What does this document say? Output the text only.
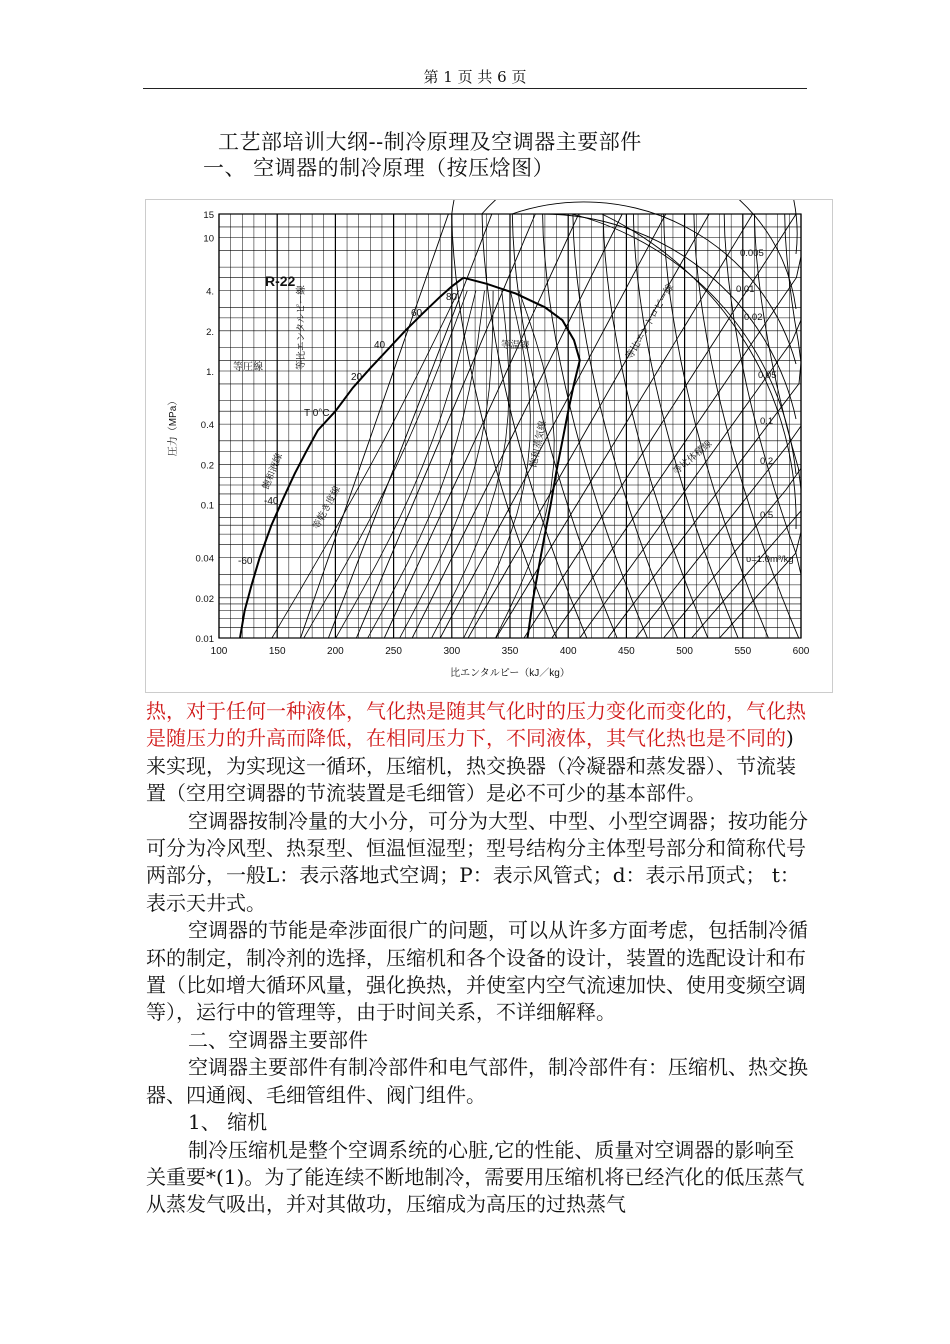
第 1 页 共 6 页
工艺部培训大纲--制冷原理及空调器主要部件
一、 空调器的制冷原理（按压焓图）
100	150	200	250	300	350	400	450	500	550	600
15
10
4.
2.
1.
0.4
0.2
0.1
0.04
0.02
0.01
比エンタルピー（kJ／kg）
圧力（MPa）
R-22
等圧線
T 0°C
等比エンタルピー線
飽和液線
等乾き度線
等温線
飽和蒸気線
等比エントロピー線
等比体積線
υ=1.0m³/kg
-60
-40
20
40
60
80
0.005
0.01
0.02
0.05
0.1
0.2
0.5

热，对于任何一种液体，气化热是随其气化时的压力变化而变化的，气化热是随压力的升高而降低，在相同压力下，不同液体，其气化热也是不同的)来实现，为实现这一循环，压缩机，热交换器（冷凝器和蒸发器）、节流装置（空用空调器的节流装置是毛细管）是必不可少的基本部件。

空调器按制冷量的大小分，可分为大型、中型、小型空调器；按功能分可分为冷风型、热泵型、恒温恒湿型；型号结构分主体型号部分和简称代号两部分，一般L：表示落地式空调；P：表示风管式；d：表示吊顶式； t： 表示天井式。

空调器的节能是牵涉面很广的问题，可以从许多方面考虑，包括制冷循环的制定，制冷剂的选择，压缩机和各个设备的设计，装置的选配设计和布置（比如增大循环风量，强化换热，并使室内空气流速加快、使用变频空调等），运行中的管理等，由于时间关系，不详细解释。

二、空调器主要部件

空调器主要部件有制冷部件和电气部件，制冷部件有：压缩机、热交换器、四通阀、毛细管组件、阀门组件。

1、 缩机

制冷压缩机是整个空调系统的心脏,它的性能、质量对空调器的影响至关重要*(1)。为了能连续不断地制冷，需要用压缩机将已经汽化的低压蒸气从蒸发气吸出，并对其做功，压缩成为高压的过热蒸气
